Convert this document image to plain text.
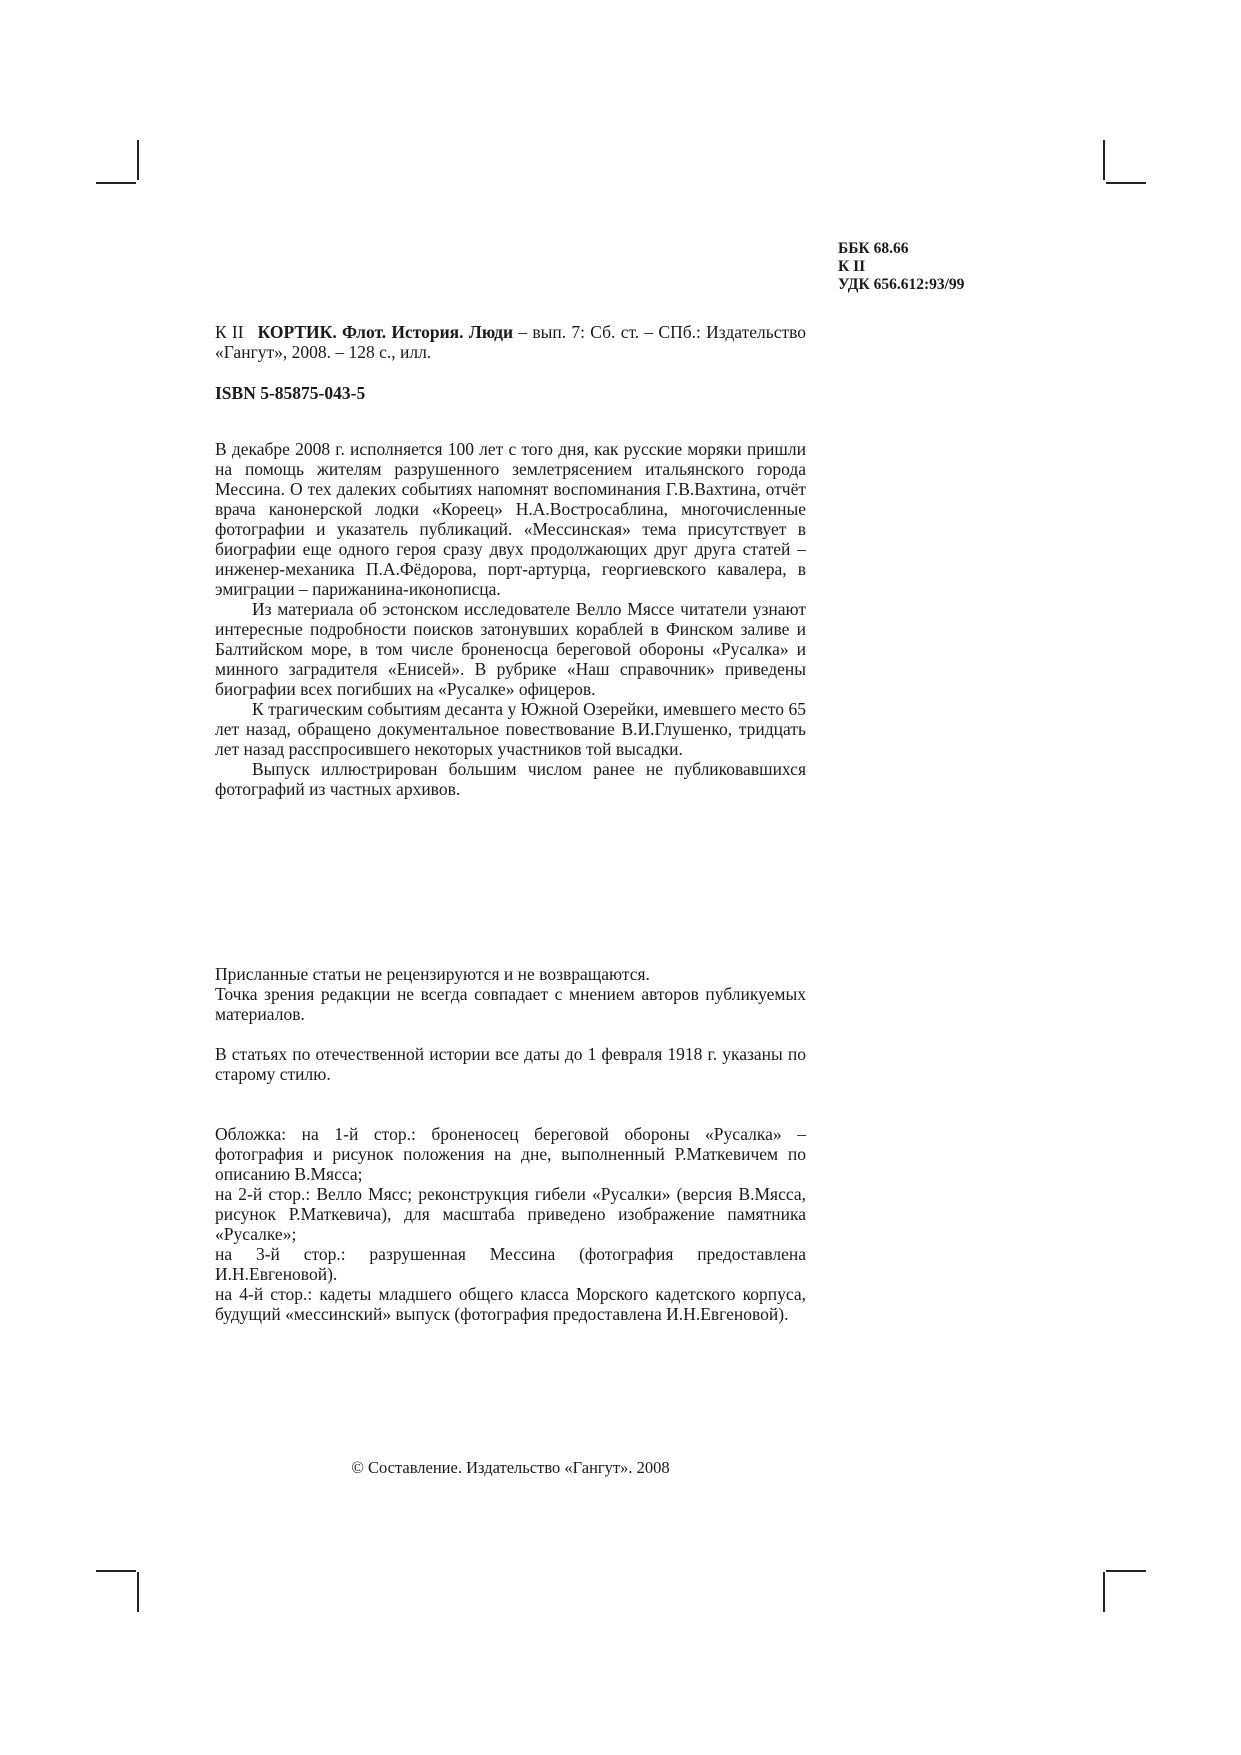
ББК 68.66
К II
УДК 656.612:93/99

К II КОРТИК. Флот. История. Люди – вып. 7: Сб. ст. – СПб.: Издательство «Гангут», 2008. – 128 с., илл.

ISBN 5-85875-043-5

В декабре 2008 г. исполняется 100 лет с того дня, как русские моряки пришли на помощь жителям разрушенного землетрясением итальянского города Мессина. О тех далеких событиях напомнят воспоминания Г.В.Вахтина, отчёт врача канонерской лодки «Кореец» Н.А.Востросаблина, многочисленные фотографии и указатель публикаций. «Мессинская» тема присутствует в биографии еще одного героя сразу двух продолжающих друг друга статей – инженер-механика П.А.Фёдорова, порт-артурца, георгиевского кавалера, в эмиграции – парижанина-иконописца.

Из материала об эстонском исследователе Велло Мяссе читатели узнают интересные подробности поисков затонувших кораблей в Финском заливе и Балтийском море, в том числе броненосца береговой обороны «Русалка» и минного заградителя «Енисей». В рубрике «Наш справочник» приведены биографии всех погибших на «Русалке» офицеров.

К трагическим событиям десанта у Южной Озерейки, имевшего место 65 лет назад, обращено документальное повествование В.И.Глушенко, тридцать лет назад расспросившего некоторых участников той высадки.

Выпуск иллюстрирован большим числом ранее не публиковавшихся фотографий из частных архивов.

Присланные статьи не рецензируются и не возвращаются.

Точка зрения редакции не всегда совпадает с мнением авторов публикуемых материалов.

В статьях по отечественной истории все даты до 1 февраля 1918 г. указаны по старому стилю.

Обложка: на 1-й стор.: броненосец береговой обороны «Русалка» – фотография и рисунок положения на дне, выполненный Р.Маткевичем по описанию В.Мясса;

на 2-й стор.: Велло Мясс; реконструкция гибели «Русалки» (версия В.Мясса, рисунок Р.Маткевича), для масштаба приведено изображение памятника «Русалке»;

на 3-й стор.: разрушенная Мессина (фотография предоставлена И.Н.Евгеновой).

на 4-й стор.: кадеты младшего общего класса Морского кадетского корпуса, будущий «мессинский» выпуск (фотография предоставлена И.Н.Евгеновой).

© Составление. Издательство «Гангут». 2008
